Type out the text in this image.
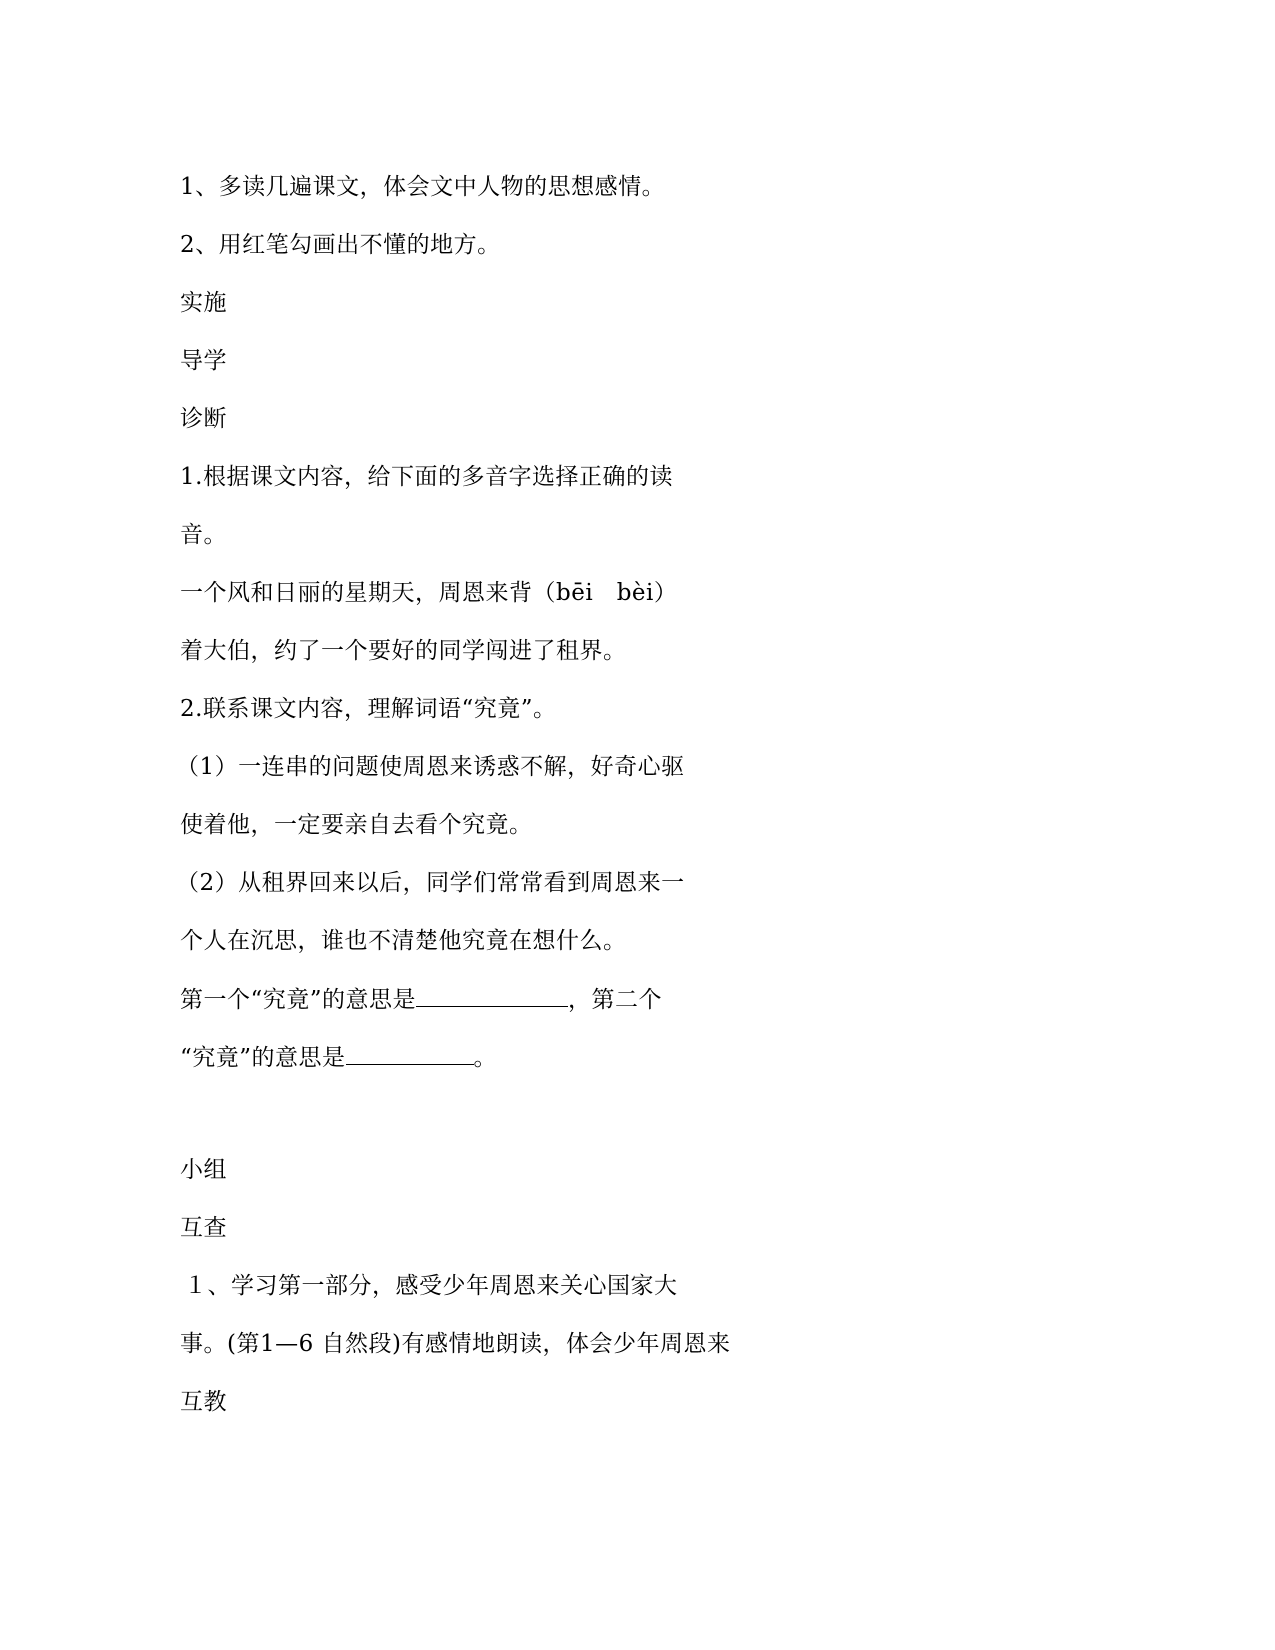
1、多读几遍课文，体会文中人物的思想感情。
2、用红笔勾画出不懂的地方。
实施
导学
诊断
1.根据课文内容，给下面的多音字选择正确的读
音。
一个风和日丽的星期天，周恩来背（bēi　bèi）
着大伯，约了一个要好的同学闯进了租界。
2.联系课文内容，理解词语“究竟”。
（1）一连串的问题使周恩来诱惑不解，好奇心驱
使着他，一定要亲自去看个究竟。
（2）从租界回来以后，同学们常常看到周恩来一
个人在沉思，谁也不清楚他究竟在想什么。
第一个“究竟”的意思是	，第二个
“究竟”的意思是	。
小组
互查
１、学习第一部分，感受少年周恩来关心国家大
事。(第1—6 自然段)有感情地朗读，体会少年周恩来
互教
